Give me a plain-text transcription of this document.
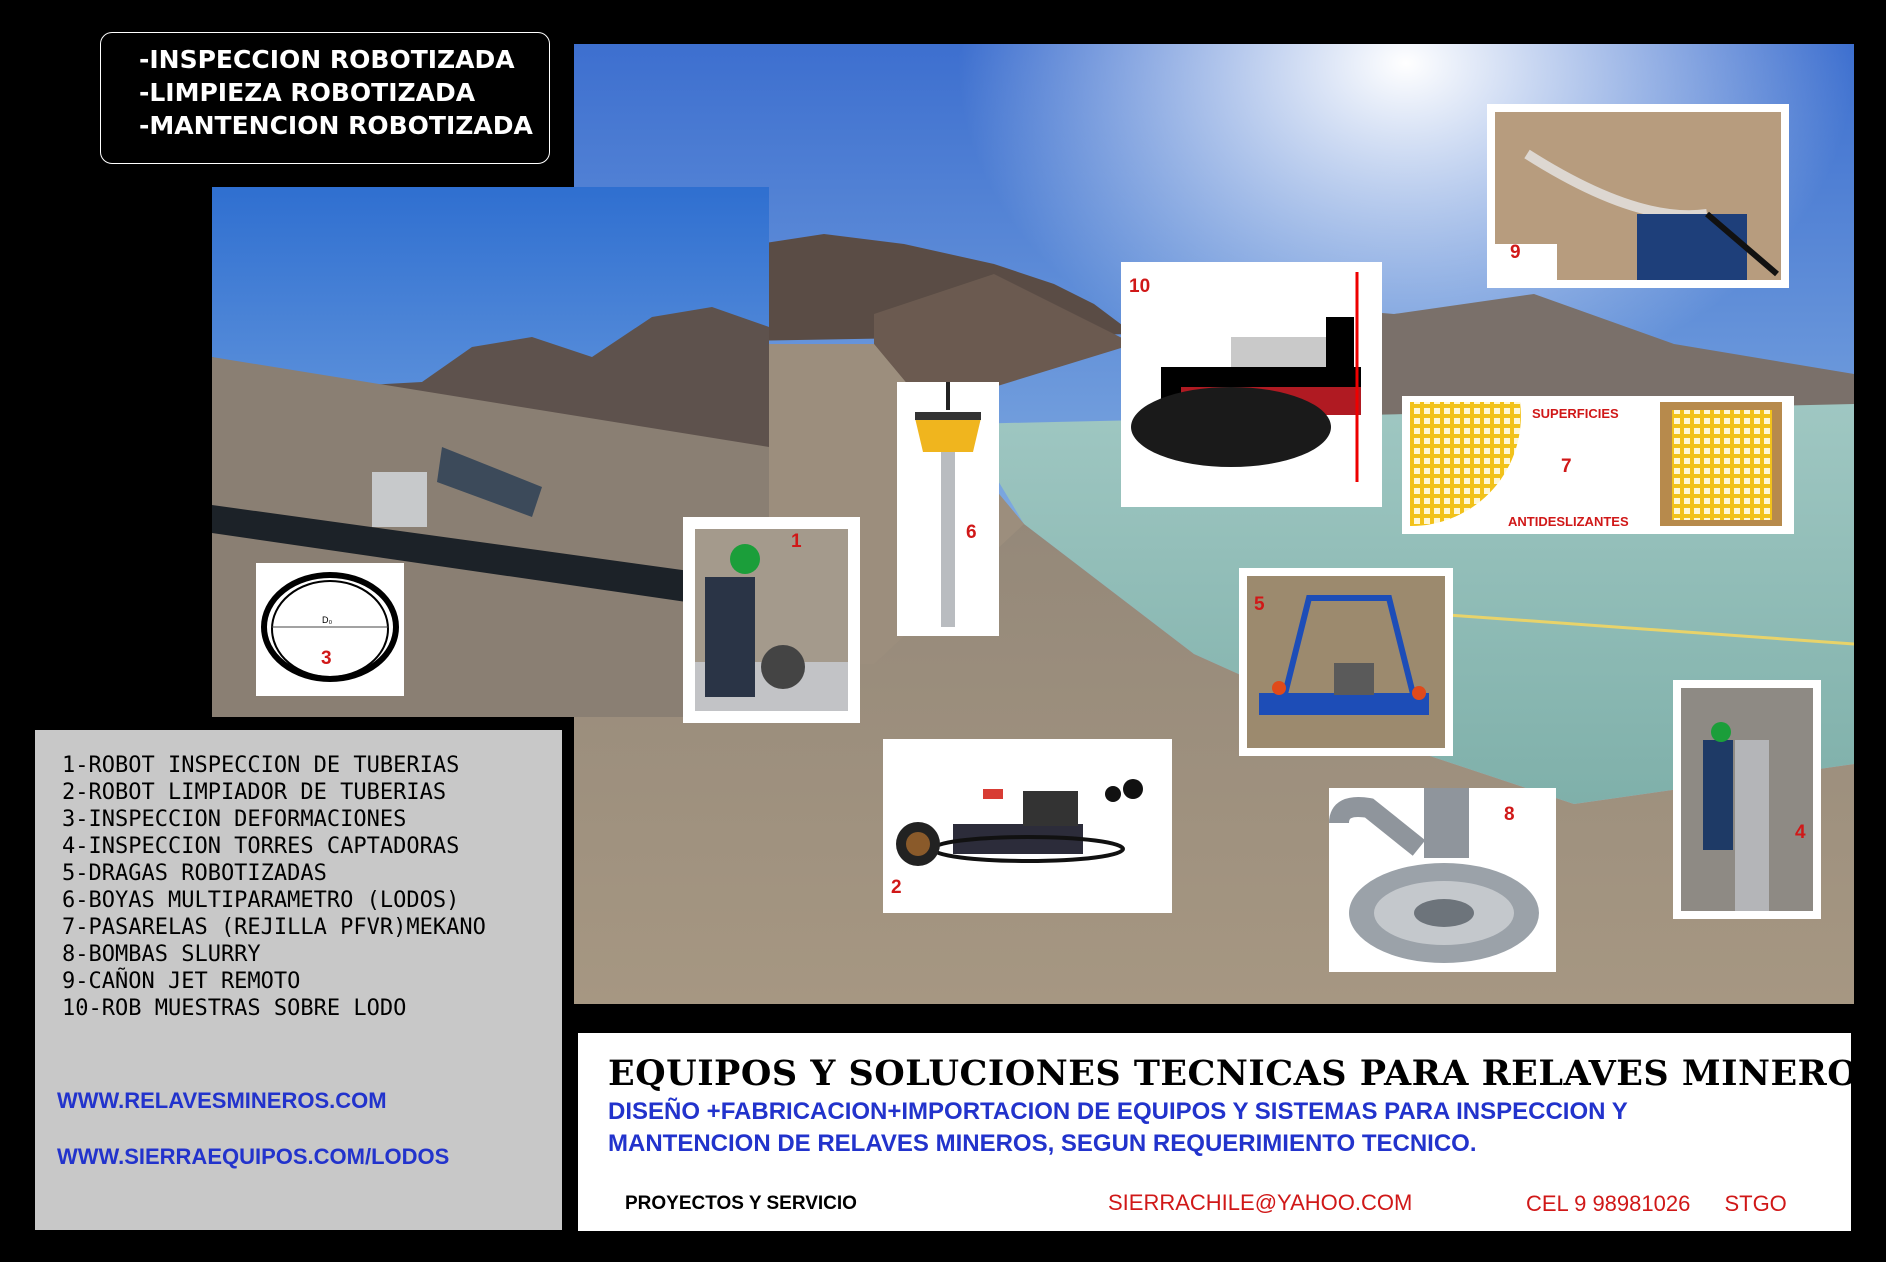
-INSPECCION ROBOTIZADA
-LIMPIEZA ROBOTIZADA
-MANTENCION ROBOTIZADA
3
D₀
1	6
10
9
SUPERFICIES
7
ANTIDESLIZANTES
5
2
8
4
1-ROBOT INSPECCION DE TUBERIAS
2-ROBOT LIMPIADOR DE TUBERIAS
3-INSPECCION DEFORMACIONES
4-INSPECCION TORRES CAPTADORAS
5-DRAGAS ROBOTIZADAS
6-BOYAS MULTIPARAMETRO (LODOS)
7-PASARELAS (REJILLA PFVR)MEKANO
8-BOMBAS SLURRY
9-CAÑON JET REMOTO
10-ROB MUESTRAS SOBRE LODO
WWW.RELAVESMINEROS.COM
WWW.SIERRAEQUIPOS.COM/LODOS
EQUIPOS Y SOLUCIONES TECNICAS PARA RELAVES MINEROS
DISEÑO +FABRICACION+IMPORTACION DE EQUIPOS Y SISTEMAS PARA INSPECCION Y
MANTENCION DE RELAVES MINEROS, SEGUN REQUERIMIENTO TECNICO.
PROYECTOS Y SERVICIO	SIERRACHILE@YAHOO.COM	CEL 9 98981026 STGO
